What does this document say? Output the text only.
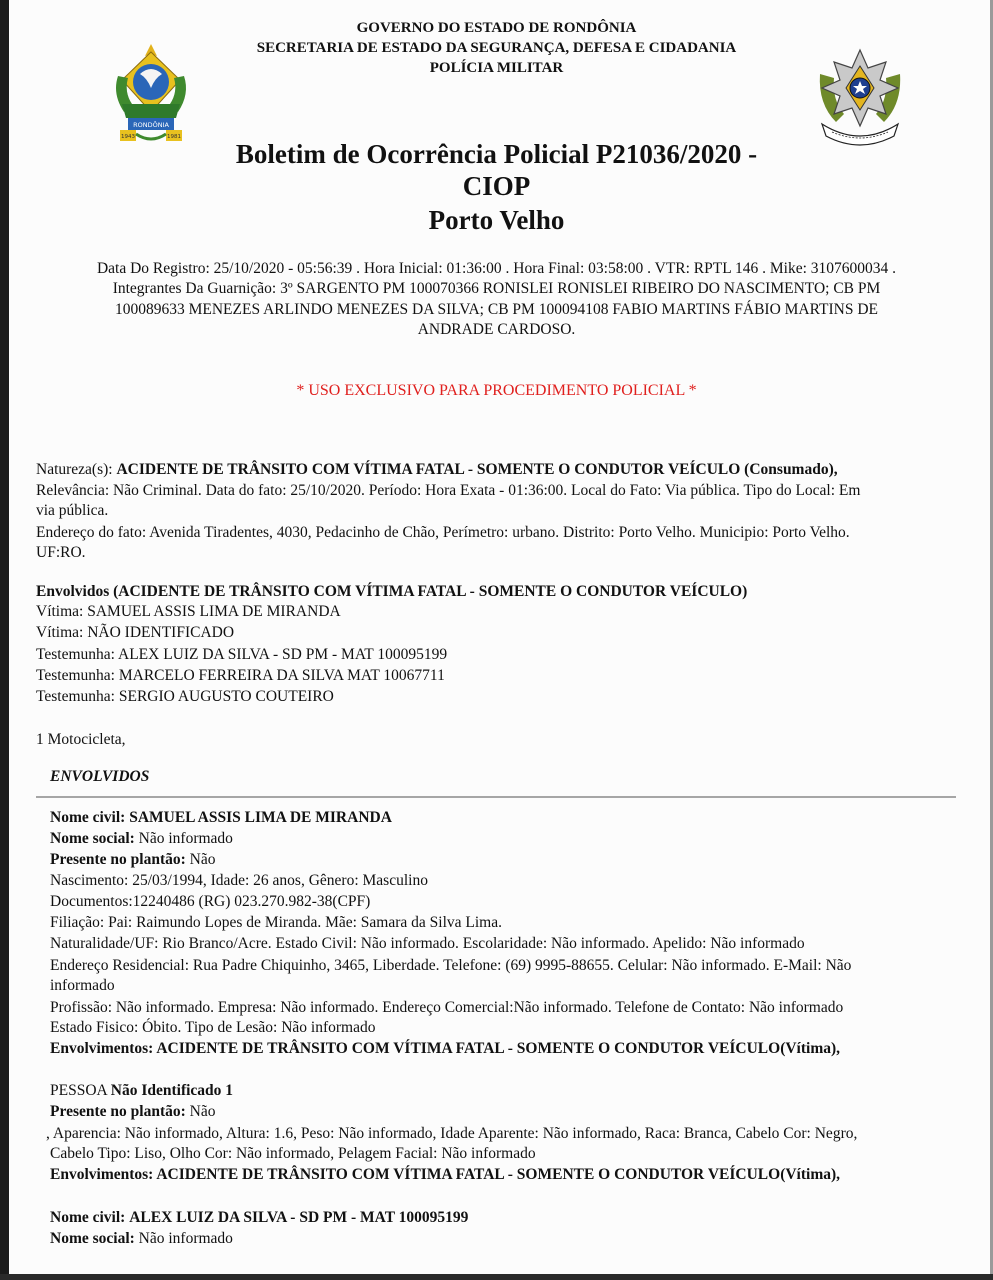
GOVERNO DO ESTADO DE RONDÔNIA
SECRETARIA DE ESTADO DA SEGURANÇA, DEFESA E CIDADANIA
POLÍCIA MILITAR
RONDÔNIA
1943	1981
Boletim de Ocorrência Policial P21036/2020 -
CIOP
Porto Velho
Data Do Registro: 25/10/2020 - 05:56:39 . Hora Inicial: 01:36:00 . Hora Final: 03:58:00 . VTR: RPTL 146 . Mike: 3107600034 .
Integrantes Da Guarnição: 3º SARGENTO PM 100070366 RONISLEI RONISLEI RIBEIRO DO NASCIMENTO; CB PM
100089633 MENEZES ARLINDO MENEZES DA SILVA; CB PM 100094108 FABIO MARTINS FÁBIO MARTINS DE
ANDRADE CARDOSO.
* USO EXCLUSIVO PARA PROCEDIMENTO POLICIAL *
Natureza(s): ACIDENTE DE TRÂNSITO COM VÍTIMA FATAL - SOMENTE O CONDUTOR VEÍCULO (Consumado),
Relevância: Não Criminal. Data do fato: 25/10/2020. Período: Hora Exata - 01:36:00. Local do Fato: Via pública. Tipo do Local: Em
via pública.
Endereço do fato: Avenida Tiradentes, 4030, Pedacinho de Chão, Perímetro: urbano. Distrito: Porto Velho. Municipio: Porto Velho.
UF:RO.
Envolvidos (ACIDENTE DE TRÂNSITO COM VÍTIMA FATAL - SOMENTE O CONDUTOR VEÍCULO)
Vítima: SAMUEL ASSIS LIMA DE MIRANDA
Vítima: NÃO IDENTIFICADO
Testemunha: ALEX LUIZ DA SILVA - SD PM - MAT 100095199
Testemunha: MARCELO FERREIRA DA SILVA MAT 10067711
Testemunha: SERGIO AUGUSTO COUTEIRO
1 Motocicleta,
ENVOLVIDOS
Nome civil: SAMUEL ASSIS LIMA DE MIRANDA
Nome social: Não informado
Presente no plantão: Não
Nascimento: 25/03/1994, Idade: 26 anos, Gênero: Masculino
Documentos:12240486 (RG) 023.270.982-38(CPF)
Filiação: Pai: Raimundo Lopes de Miranda. Mãe: Samara da Silva Lima.
Naturalidade/UF: Rio Branco/Acre. Estado Civil: Não informado. Escolaridade: Não informado. Apelido: Não informado
Endereço Residencial: Rua Padre Chiquinho, 3465, Liberdade. Telefone: (69) 9995-88655. Celular: Não informado. E-Mail: Não
informado
Profissão: Não informado. Empresa: Não informado. Endereço Comercial:Não informado. Telefone de Contato: Não informado
Estado Fisico: Óbito. Tipo de Lesão: Não informado
Envolvimentos: ACIDENTE DE TRÂNSITO COM VÍTIMA FATAL - SOMENTE O CONDUTOR VEÍCULO(Vítima),
PESSOA Não Identificado 1
Presente no plantão: Não
, Aparencia: Não informado, Altura: 1.6, Peso: Não informado, Idade Aparente: Não informado, Raca: Branca, Cabelo Cor: Negro,
Cabelo Tipo: Liso, Olho Cor: Não informado, Pelagem Facial: Não informado
Envolvimentos: ACIDENTE DE TRÂNSITO COM VÍTIMA FATAL - SOMENTE O CONDUTOR VEÍCULO(Vítima),
Nome civil: ALEX LUIZ DA SILVA - SD PM - MAT 100095199
Nome social: Não informado
